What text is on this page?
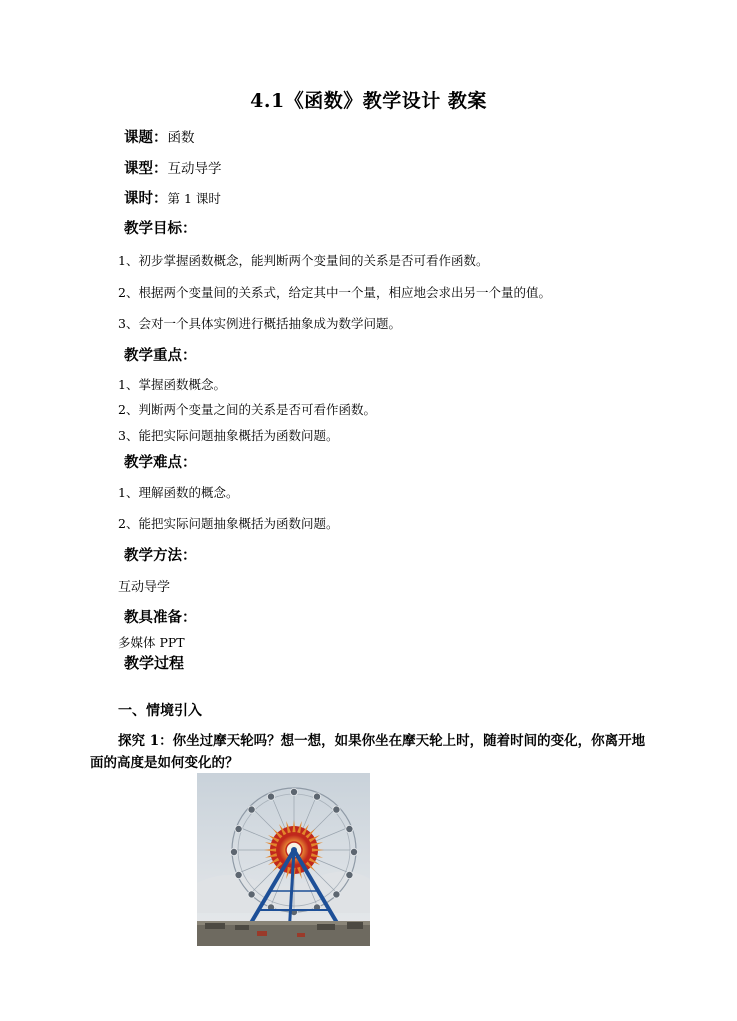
4.1《函数》教学设计 教案
课题：函数
课型：互动导学
课时：第 1 课时
教学目标：
1、初步掌握函数概念，能判断两个变量间的关系是否可看作函数。
2、根据两个变量间的关系式，给定其中一个量，相应地会求出另一个量的值。
3、会对一个具体实例进行概括抽象成为数学问题。
教学重点：
1、掌握函数概念。
2、判断两个变量之间的关系是否可看作函数。
3、能把实际问题抽象概括为函数问题。
教学难点：
1、理解函数的概念。
2、能把实际问题抽象概括为函数问题。
教学方法：
互动导学
教具准备：
多媒体 PPT
教学过程
一、情境引入
探究 1：你坐过摩天轮吗？想一想，如果你坐在摩天轮上时，随着时间的变化，你离开地面的高度是如何变化的？
